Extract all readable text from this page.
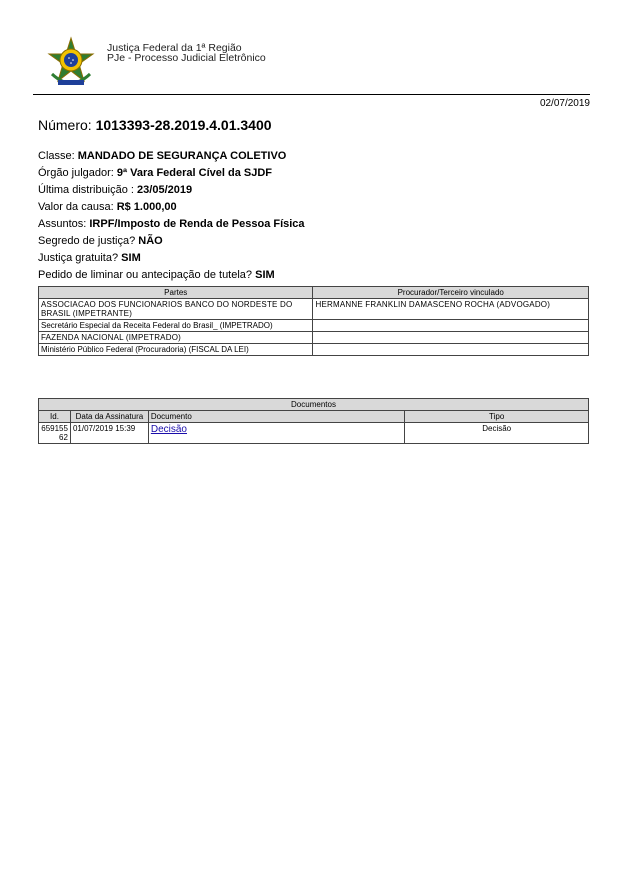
Justiça Federal da 1ª Região
PJe - Processo Judicial Eletrônico
02/07/2019
Número: 1013393-28.2019.4.01.3400
Classe: MANDADO DE SEGURANÇA COLETIVO
Órgão julgador: 9ª Vara Federal Cível da SJDF
Última distribuição : 23/05/2019
Valor da causa: R$ 1.000,00
Assuntos: IRPF/Imposto de Renda de Pessoa Física
Segredo de justiça? NÃO
Justiça gratuita? SIM
Pedido de liminar ou antecipação de tutela? SIM
Partes	Procurador/Terceiro vinculado
ASSOCIACAO DOS FUNCIONARIOS BANCO DO NORDESTE DO BRASIL (IMPETRANTE)	HERMANNE FRANKLIN DAMASCENO ROCHA (ADVOGADO)
Secretário Especial da Receita Federal do Brasil_ (IMPETRADO)	
FAZENDA NACIONAL (IMPETRADO)	
Ministério Público Federal (Procuradoria) (FISCAL DA LEI)	
Documentos			
Id.	Data da Assinatura	Documento	Tipo
65915562	01/07/2019 15:39	Decisão	Decisão
